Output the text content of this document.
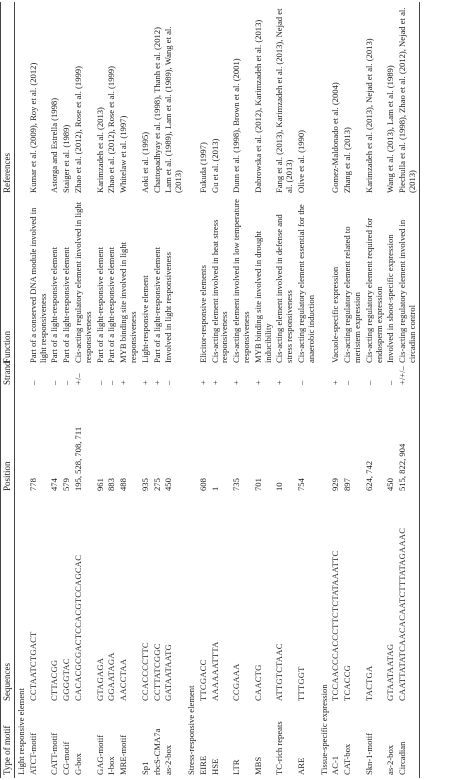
Type of motif	Sequences	Position	Strand	Function	References
Light responsive element					
ATCT-motif	CCTAATCTGACT	778	–	Part of a conserved DNA module involved in light responsiveness	Kumar et al. (2009), Roy et al. (2012)
CATT-motif	CTTACGG	474	–	Part of a light-responsive element	Astorga and Estrella (1998)
CG-motif	GGGGTAC	579	–	Part of a light-responsive element	Staiger et al. (1989)
G-box	CACACGCGACTCCACGTCCAGCAC	195, 528, 708, 711	+/–	Cis-acting regulatory element involved in light responsiveness	Zhao et al. (2012), Rose et al. (1999)
GAG-motif	GTAGAGA	961	–	Part of a light-responsive element	Karimzadeh et al. (2013)
I-box	GGAATAGA	883	–	Part of a light-responsive element	Zhao et al. (2012), Rose et al. (1999)
MRE-motif	AACCTAA	488	+	MYB binding site involved in light responsiveness	Whitelaw et al. (1997)
Sp1	CCACCCCTTC	935	+	Light-responsive element	Aoki et al. (1995)
rbcS-CMA7a	CCTTATCGGC	275	+	Part of a light-responsive element	Chattopadhyay et al. (1998), Thanh et al. (2012)
as-2-box	GATAATAATG	450	–	Involved in light responsiveness	Lam et al. (1989), Lam et al. (1989), Wang et al. (2013)
Stress-responsive element					
EIRE	TTCGACC	608	+	Elicitor-responsive elements	Fukuda (1997)
HSE	AAAAAATTTA	1	+	Cis-acting element involved in heat stress responsiveness	Gu et al. (2013)
LTR	CCGAAA	735	+	Cis-acting element involved in low temperature responsiveness	Dunn et al. (1998), Brown et al. (2001)
MBS	CAACTG	701	+	MYB binding site involved in drought inducibility	Dabrowska et al. (2012), Karimzadeh et al. (2013)
TC-rich repeats	ATTGTCTAAC	10	+	Cis-acting element involved in defense and stress responsiveness	Fang et al. (2013), Karimzadeh et al. (2013), Nejad et al. (2013)
ARE	TTTGGT	754	–	Cis-acting regulatory element essential for the anaerobic induction	Olive et al. (1990)
Tissue-specific expression					
AC-1	TCCAACCCACCCTTCTCTATAAATTC	929	+	Vacuole-specific expression	Gomez-Maldonado et al. (2004)
CAT-box	TCACCG	897	–	Cis-acting regulatory element related to meristem expression	Zhang et al. (2013)
Skn-1-motif	TACTGA	624, 742	–	Cis-acting regulatory element required for endosperm expression	Karimzadeh et al. (2013), Nejad et al. (2013)
as-2-box	GTAATAATAG	450	–	Involved in shoot-specific expression	Wang et al. (2013), Lam et al. (1989)
Circadian	CAATTATATCAACACAATCTTTATAGAAAC	515, 822, 904	+/+/–	Cis-acting regulatory element involved in circadian control	Piechulla et al. (1998), Zhao et al. (2012), Nejad et al. (2013)
